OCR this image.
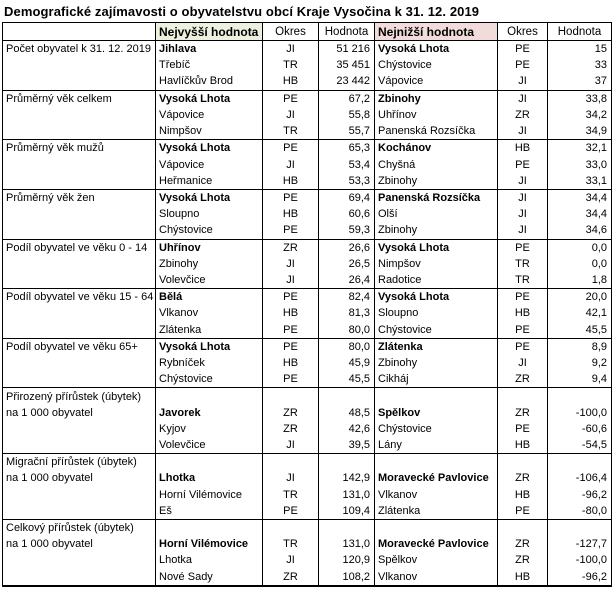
Demografické zajímavosti o obyvatelstvu obcí Kraje Vysočina k 31. 12. 2019
	Nejvyšší hodnota	Okres	Hodnota	Nejnižší hodnota	Okres	Hodnota
Počet obyvatel k 31. 12. 2019	Jihlava	JI	51 216	Vysoká Lhota	PE	15
	Třebíč	TR	35 451	Chýstovice	PE	33
	Havlíčkův Brod	HB	23 442	Vápovice	JI	37
Průměrný věk celkem	Vysoká Lhota	PE	67,2	Zbinohy	JI	33,8
	Vápovice	JI	55,8	Uhřínov	ZR	34,2
	Nimpšov	TR	55,7	Panenská Rozsíčka	JI	34,9
Průměrný věk mužů	Vysoká Lhota	PE	65,3	Kochánov	HB	32,1
	Vápovice	JI	53,4	Chyšná	PE	33,0
	Heřmanice	HB	53,3	Zbinohy	JI	33,1
Průměrný věk žen	Vysoká Lhota	PE	69,4	Panenská Rozsíčka	JI	34,4
	Sloupno	HB	60,6	Olší	JI	34,4
	Chýstovice	PE	59,3	Zbinohy	JI	34,6
Podíl obyvatel ve věku 0 - 14	Uhřínov	ZR	26,6	Vysoká Lhota	PE	0,0
	Zbinohy	JI	26,5	Nimpšov	TR	0,0
	Volevčice	JI	26,4	Radotice	TR	1,8
Podíl obyvatel ve věku 15 - 64	Bělá	PE	82,4	Vysoká Lhota	PE	20,0
	Vlkanov	HB	81,3	Sloupno	HB	42,1
	Zlátenka	PE	80,0	Chýstovice	PE	45,5
Podíl obyvatel ve věku 65+	Vysoká Lhota	PE	80,0	Zlátenka	PE	8,9
	Rybníček	HB	45,9	Zbinohy	JI	9,2
	Chýstovice	PE	45,5	Cikháj	ZR	9,4
Přirozený přírůstek (úbytek)						
na 1 000 obyvatel	Javorek	ZR	48,5	Spělkov	ZR	-100,0
	Kyjov	ZR	42,6	Chýstovice	PE	-60,6
	Volevčice	JI	39,5	Lány	HB	-54,5
Migrační přírůstek (úbytek)						
na 1 000 obyvatel	Lhotka	JI	142,9	Moravecké Pavlovice	ZR	-106,4
	Horní Vilémovice	TR	131,0	Vlkanov	HB	-96,2
	Eš	PE	109,4	Zlátenka	PE	-80,0
Celkový přírůstek (úbytek)						
na 1 000 obyvatel	Horní Vilémovice	TR	131,0	Moravecké Pavlovice	ZR	-127,7
	Lhotka	JI	120,9	Spělkov	ZR	-100,0
	Nové Sady	ZR	108,2	Vlkanov	HB	-96,2
